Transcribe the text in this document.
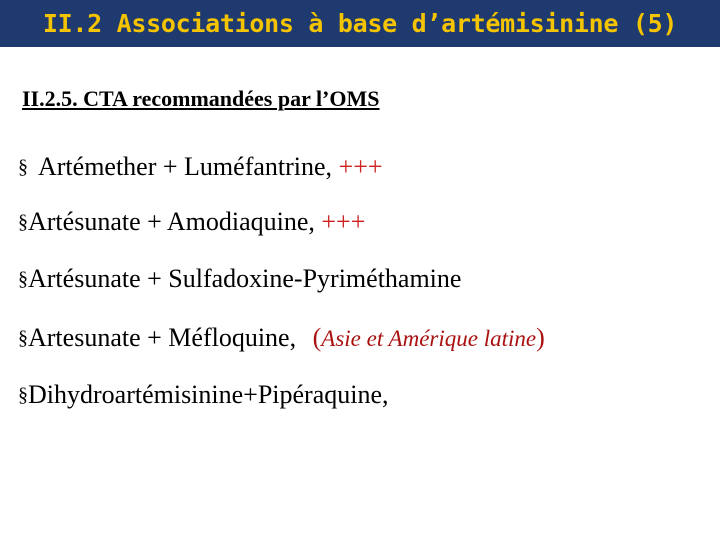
II.2 Associations à base d’artémisinine (5)
II.2.5. CTA recommandées par l’OMS
§ Artémether + Luméfantrine, +++
§Artésunate + Amodiaquine, +++
§Artésunate + Sulfadoxine-Pyriméthamine
§Artesunate + Méfloquine, (Asie et Amérique latine)
§Dihydroartémisinine+Pipéraquine,
